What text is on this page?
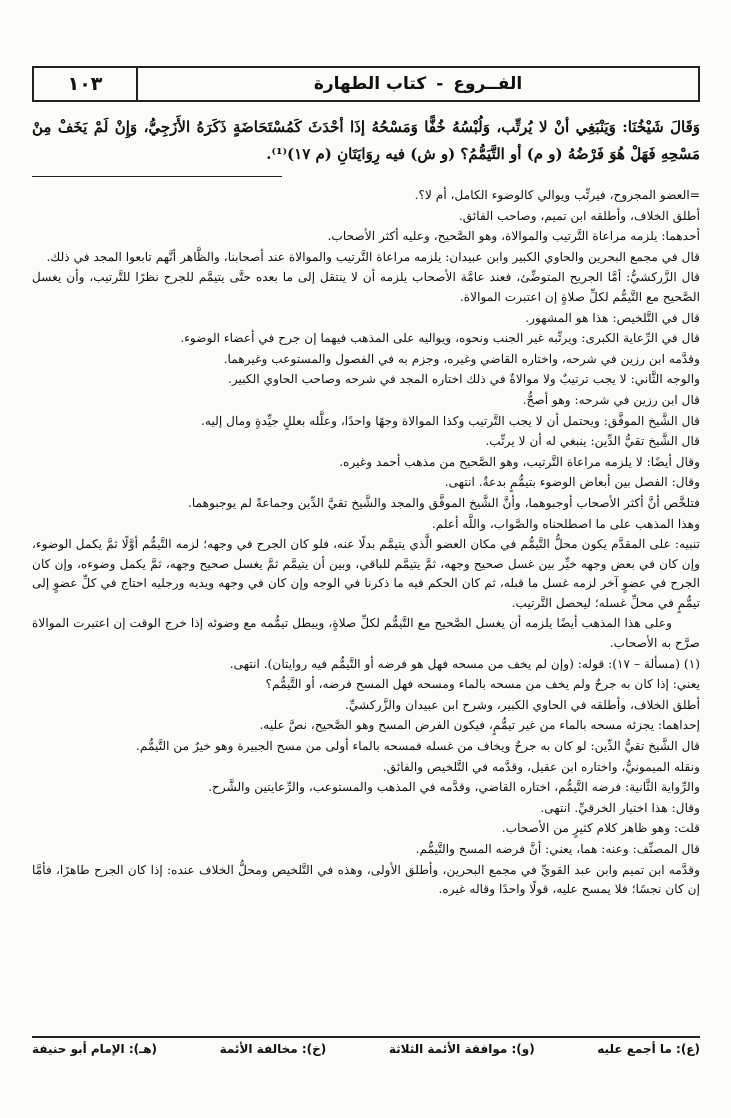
الفــروع
-
كتاب الطهارة
١٠٣
وَقَالَ شَيْخُنَا: وَيَنْبَغِي أنْ لا يُرتِّب، وَلُبْسُهُ خُفًّا وَمَسْحُهُ إذَا أحْدَثَ كَمُسْتَحَاضَةٍ ذَكَرَهُ الأَزَجِيُّ، وَإِنْ لَمْ يَخَفْ مِنْ مَسْحِهِ فَهَلْ هُوَ فَرْضُهُ (و م) أو التَّيَمُّمُ؟ (و ش) فيه رِوَايَتَانِ (م ١٧)⁽¹⁾.

=العضو المجروح، فيرتِّب ويوالي كالوضوء الكامل، أم لا؟.

أطلق الخلاف، وأطلقه ابن تميم، وصاحب الفائق.

أحدهما: يلزمه مراعاة التَّرتيب والموالاة، وهو الصَّحيح، وعليه أكثر الأصحاب.

قال في مجمع البحرين والحاوي الكبير وابن عبيدان: يلزمه مراعاة التَّرتيب والموالاة عند أصحابنا، والظَّاهر أنَّهم تابعوا المجد في ذلك.

قال الزَّركشيُّ: أمَّا الجريح المتوضِّئ، فعند عامَّة الأصحاب يلزمه أن لا ينتقل إلى ما بعده حتَّى يتيمَّم للجرح نظرًا للتَّرتيب، وأن يغسل الصَّحيح مع التَّيمُّم لكلِّ صلاةٍ إن اعتبرت الموالاة.

قال في التَّلخيص: هذا هو المشهور.

قال في الرِّعاية الكبرى: ويرتِّبه غير الجنب ونحوه، ويواليه على المذهب فيهما إن جرح في أعضاء الوضوء.

وقدَّمه ابن رزين في شرحه، واختاره القاضي وغيره، وجزم به في الفصول والمستوعب وغيرهما.

والوجه الثَّاني: لا يجب ترتيبٌ ولا موالاةٌ في ذلك اختاره المجد في شرحه وصاحب الحاوي الكبير.

قال ابن رزين في شرحه: وهو أصحُّ.

قال الشَّيخ الموفَّق: ويحتمل أن لا يجب التَّرتيب وكذا الموالاة وجهًا واحدًا، وعلَّله بعللٍ جيِّدةٍ ومال إليه.

قال الشَّيخ تقيُّ الدِّين: ينبغي له أن لا يرتِّب.

وقال أيضًا: لا يلزمه مراعاة التَّرتيب، وهو الصَّحيح من مذهب أحمد وغيره.

وقال: الفصل بين أبعاض الوضوء بتيمُّمٍ بدعةٌ. انتهى.

فتلخَّص أنَّ أكثر الأصحاب أوجبوهما، وأنَّ الشَّيخ الموفَّق والمجد والشَّيخ تقيَّ الدِّين وجماعةً لم يوجبوهما.

وهذا المذهب على ما اصطلحناه والصَّواب، واللَّه أعلم.

تنبيه: على المقدَّم يكون محلُّ التَّيمُّم في مكان العضو الَّذي يتيمَّم بدلًا عنه، فلو كان الجرح في وجهه؛ لزمه التَّيمُّم أوَّلًا ثمَّ يكمل الوضوء، وإن كان في بعض وجهه خيِّر بين غسل صحيح وجهه، ثمَّ يتيمَّم للباقي، وبين أن يتيمَّم ثمَّ يغسل صحيح وجهه، ثمَّ يكمل وضوءه، وإن كان الجرح في عضوٍ آخر لزمه غسل ما قبله، ثم كان الحكم فيه ما ذكرنا في الوجه وإن كان في وجهه ويديه ورجليه احتاج في كلِّ عضوٍ إلى تيمُّمٍ في محلِّ غسله؛ ليحصل التَّرتيب.

وعلى هذا المذهب أيضًا يلزمه أن يغسل الصَّحيح مع التَّيمُّم لكلِّ صلاةٍ، ويبطل تيمُّمه مع وضوئه إذا خرج الوقت إن اعتبرت الموالاة صرَّح به الأصحاب.

(١) (مسألة – ١٧): قوله: (وإن لم يخف من مسحه فهل هو فرضه أو التَّيمُّم فيه روايتان). انتهى.

يعني: إذا كان به جرحٌ ولم يخف من مسحه بالماء ومسحه فهل المسح فرضه، أو التَّيمُّم؟

أطلق الخلاف، وأطلقه في الحاوي الكبير، وشرح ابن عبيدان والزَّركشيِّ.

إحداهما: يجزئه مسحه بالماء من غير تيمُّمٍ، فيكون الفرض المسح وهو الصَّحيح، نصَّ عليه.

قال الشَّيخ تقيُّ الدِّين: لو كان به جرحٌ ويخاف من غسله فمسحه بالماء أولى من مسح الجبيرة وهو خيرٌ من التَّيمُّم.

ونقله الميمونيُّ، واختاره ابن عقيل، وقدَّمه في التَّلخيص والفائق.

والرِّواية الثَّانية: فرضه التَّيمُّم، اختاره القاضي، وقدَّمه في المذهب والمستوعب، والرِّعايتين والشَّرح.

وقال: هذا اختيار الخرقيِّ. انتهى.

قلت: وهو ظاهر كلام كثيرٍ من الأصحاب.

قال المصنِّف: وعنه: هما، يعني: أنَّ فرضه المسح والتَّيمُّم.

وقدَّمه ابن تميم وابن عبد القويِّ في مجمع البحرين، وأطلق الأولى، وهذه في التَّلخيص ومحلُّ الخلاف عنده: إذا كان الجرح طاهرًا، فأمَّا إن كان نجسًا؛ فلا يمسح عليه، قولًا واحدًا وقاله غيره.

(ع): ما أجمع عليه
(و): موافقة الأئمة الثلاثة
(خ): مخالفة الأئمة
(هـ): الإمام أبو حنيفة
